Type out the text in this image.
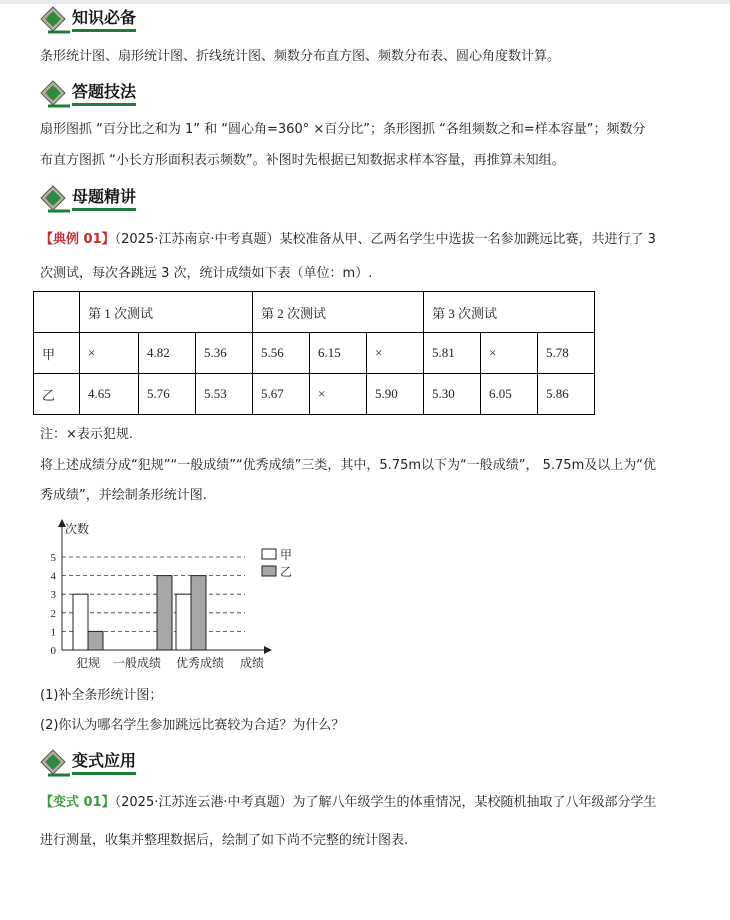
知识必备
条形统计图、扇形统计图、折线统计图、频数分布直方图、频数分布表、圆心角度数计算。
答题技法
扇形图抓 “百分比之和为 1” 和 “圆心角=360° ×百分比”；条形图抓 “各组频数之和=样本容量”；频数分
布直方图抓 “小长方形面积表示频数”。补图时先根据已知数据求样本容量，再推算未知组。
母题精讲
【典例 01】（2025·江苏南京·中考真题）某校准备从甲、乙两名学生中选拔一名参加跳远比赛，共进行了 3
次测试，每次各跳远 3 次，统计成绩如下表（单位：m）.
	第 1 次测试			第 2 次测试			第 3 次测试		
甲	×	4.82	5.36	5.56	6.15	×	5.81	×	5.78
乙	4.65	5.76	5.53	5.67	×	5.90	5.30	6.05	5.86
注：×表示犯规.
将上述成绩分成“犯规”“一般成绩”“优秀成绩”三类，其中，5.75m以下为“一般成绩”， 5.75m及以上为“优
秀成绩”，并绘制条形统计图.
0
1
2
3
4
5
犯规 一般成绩 优秀成绩
次数
成绩
甲
乙
(1)补全条形统计图；
(2)你认为哪名学生参加跳远比赛较为合适？为什么？
变式应用
【变式 01】（2025·江苏连云港·中考真题）为了解八年级学生的体重情况，某校随机抽取了八年级部分学生
进行测量，收集并整理数据后，绘制了如下尚不完整的统计图表.
